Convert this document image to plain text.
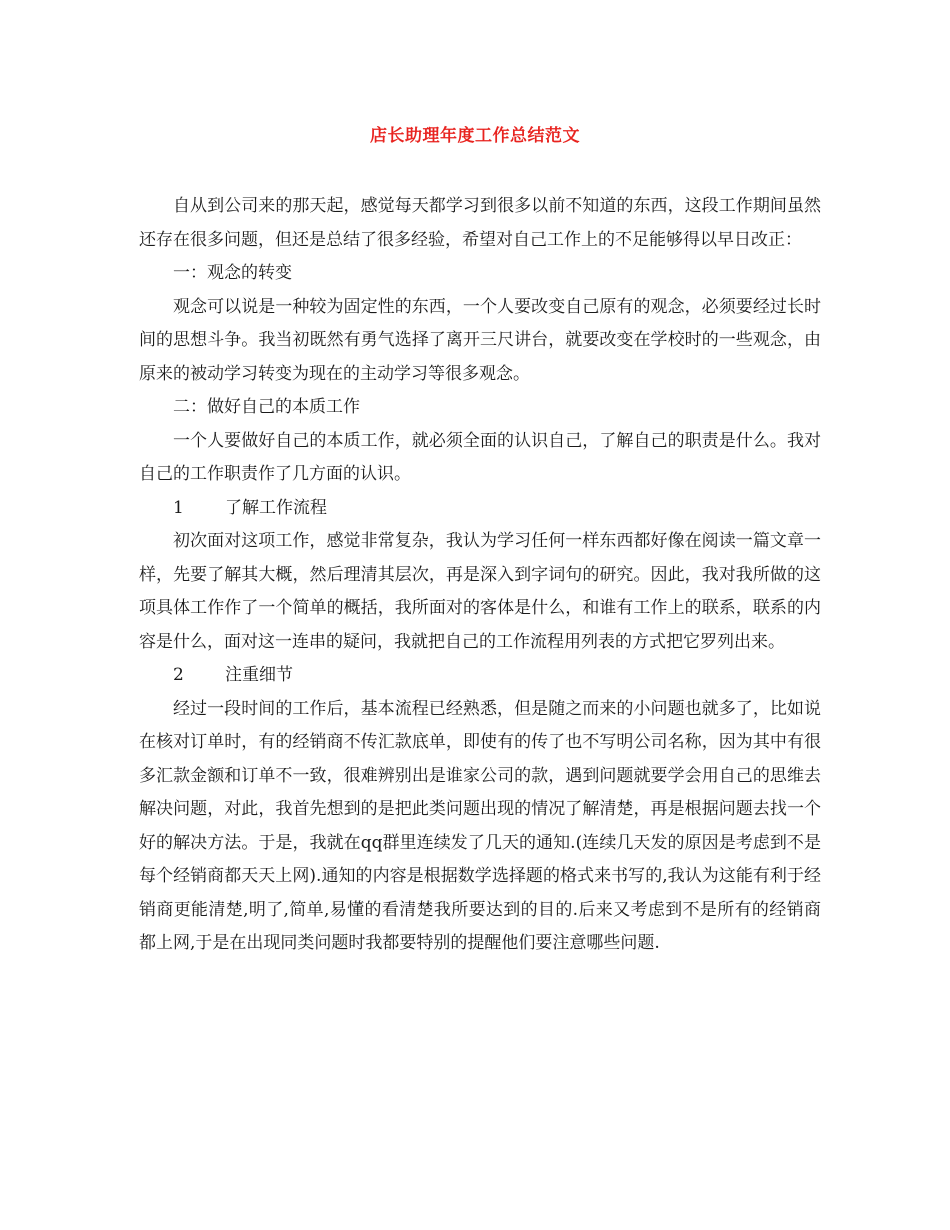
店长助理年度工作总结范文

自从到公司来的那天起，感觉每天都学习到很多以前不知道的东西，这段工作期间虽然还存在很多问题，但还是总结了很多经验，希望对自己工作上的不足能够得以早日改正：

一：观念的转变

观念可以说是一种较为固定性的东西，一个人要改变自己原有的观念，必须要经过长时间的思想斗争。我当初既然有勇气选择了离开三尺讲台，就要改变在学校时的一些观念，由原来的被动学习转变为现在的主动学习等很多观念。

二：做好自己的本质工作

一个人要做好自己的本质工作，就必须全面的认识自己，了解自己的职责是什么。我对自己的工作职责作了几方面的认识。

1 了解工作流程

初次面对这项工作，感觉非常复杂，我认为学习任何一样东西都好像在阅读一篇文章一样，先要了解其大概，然后理清其层次，再是深入到字词句的研究。因此，我对我所做的这项具体工作作了一个简单的概括，我所面对的客体是什么，和谁有工作上的联系，联系的内容是什么，面对这一连串的疑问，我就把自己的工作流程用列表的方式把它罗列出来。

2 注重细节

经过一段时间的工作后，基本流程已经熟悉，但是随之而来的小问题也就多了，比如说在核对订单时，有的经销商不传汇款底单，即使有的传了也不写明公司名称，因为其中有很多汇款金额和订单不一致，很难辨别出是谁家公司的款，遇到问题就要学会用自己的思维去解决问题，对此，我首先想到的是把此类问题出现的情况了解清楚，再是根据问题去找一个好的解决方法。于是，我就在qq群里连续发了几天的通知.(连续几天发的原因是考虑到不是每个经销商都天天上网).通知的内容是根据数学选择题的格式来书写的,我认为这能有利于经销商更能清楚,明了,简单,易懂的看清楚我所要达到的目的.后来又考虑到不是所有的经销商都上网,于是在出现同类问题时我都要特别的提醒他们要注意哪些问题.
